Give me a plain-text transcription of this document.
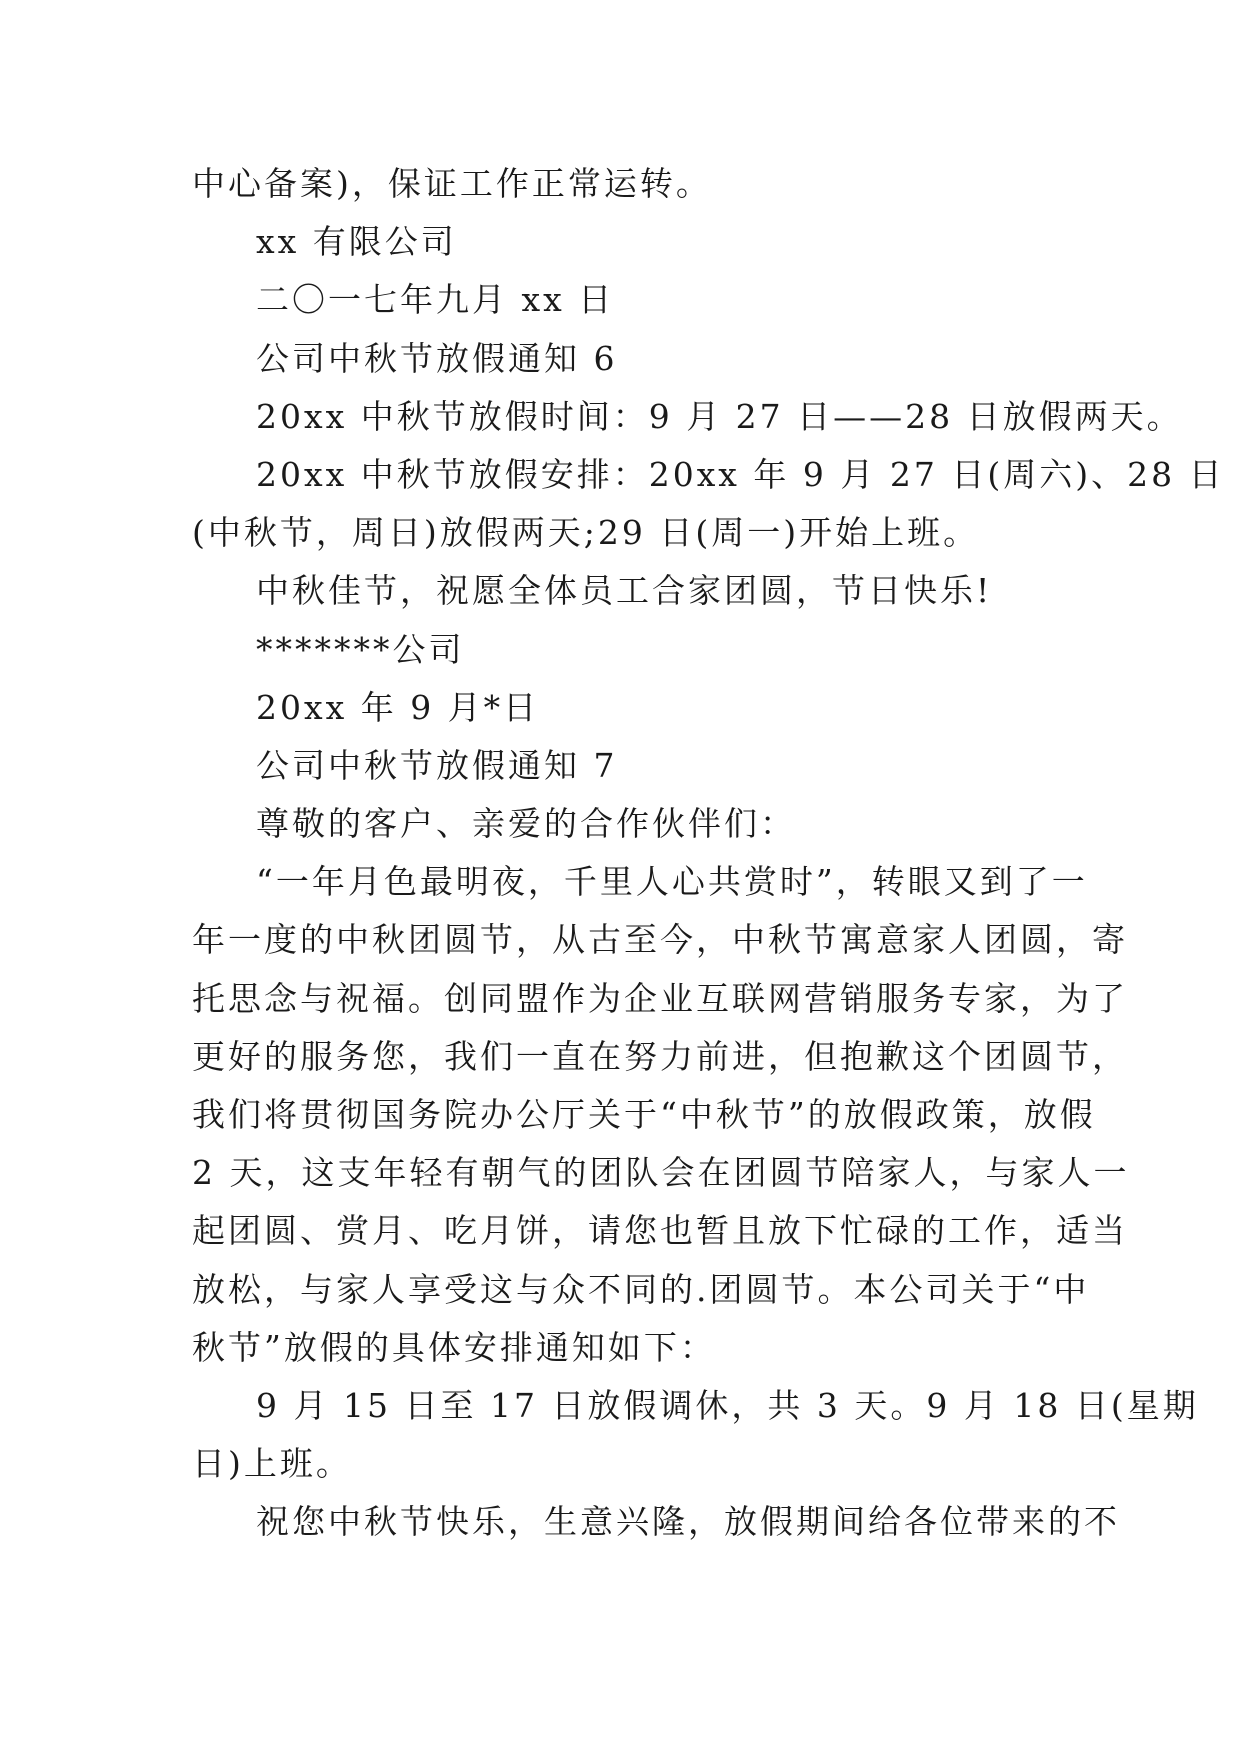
中心备案)，保证工作正常运转。
xx 有限公司
二〇一七年九月 xx 日
公司中秋节放假通知 6
20xx 中秋节放假时间：9 月 27 日——28 日放假两天。
20xx 中秋节放假安排：20xx 年 9 月 27 日(周六)、28 日
(中秋节，周日)放假两天;29 日(周一)开始上班。
中秋佳节，祝愿全体员工合家团圆，节日快乐!
*******公司
20xx 年 9 月*日
公司中秋节放假通知 7
尊敬的客户、亲爱的合作伙伴们：
“一年月色最明夜，千里人心共赏时”，转眼又到了一
年一度的中秋团圆节，从古至今，中秋节寓意家人团圆，寄
托思念与祝福。创同盟作为企业互联网营销服务专家，为了
更好的服务您，我们一直在努力前进，但抱歉这个团圆节，
我们将贯彻国务院办公厅关于“中秋节”的放假政策，放假
2 天，这支年轻有朝气的团队会在团圆节陪家人，与家人一
起团圆、赏月、吃月饼，请您也暂且放下忙碌的工作，适当
放松，与家人享受这与众不同的.团圆节。本公司关于“中
秋节”放假的具体安排通知如下：
9 月 15 日至 17 日放假调休，共 3 天。9 月 18 日(星期
日)上班。
祝您中秋节快乐，生意兴隆，放假期间给各位带来的不
